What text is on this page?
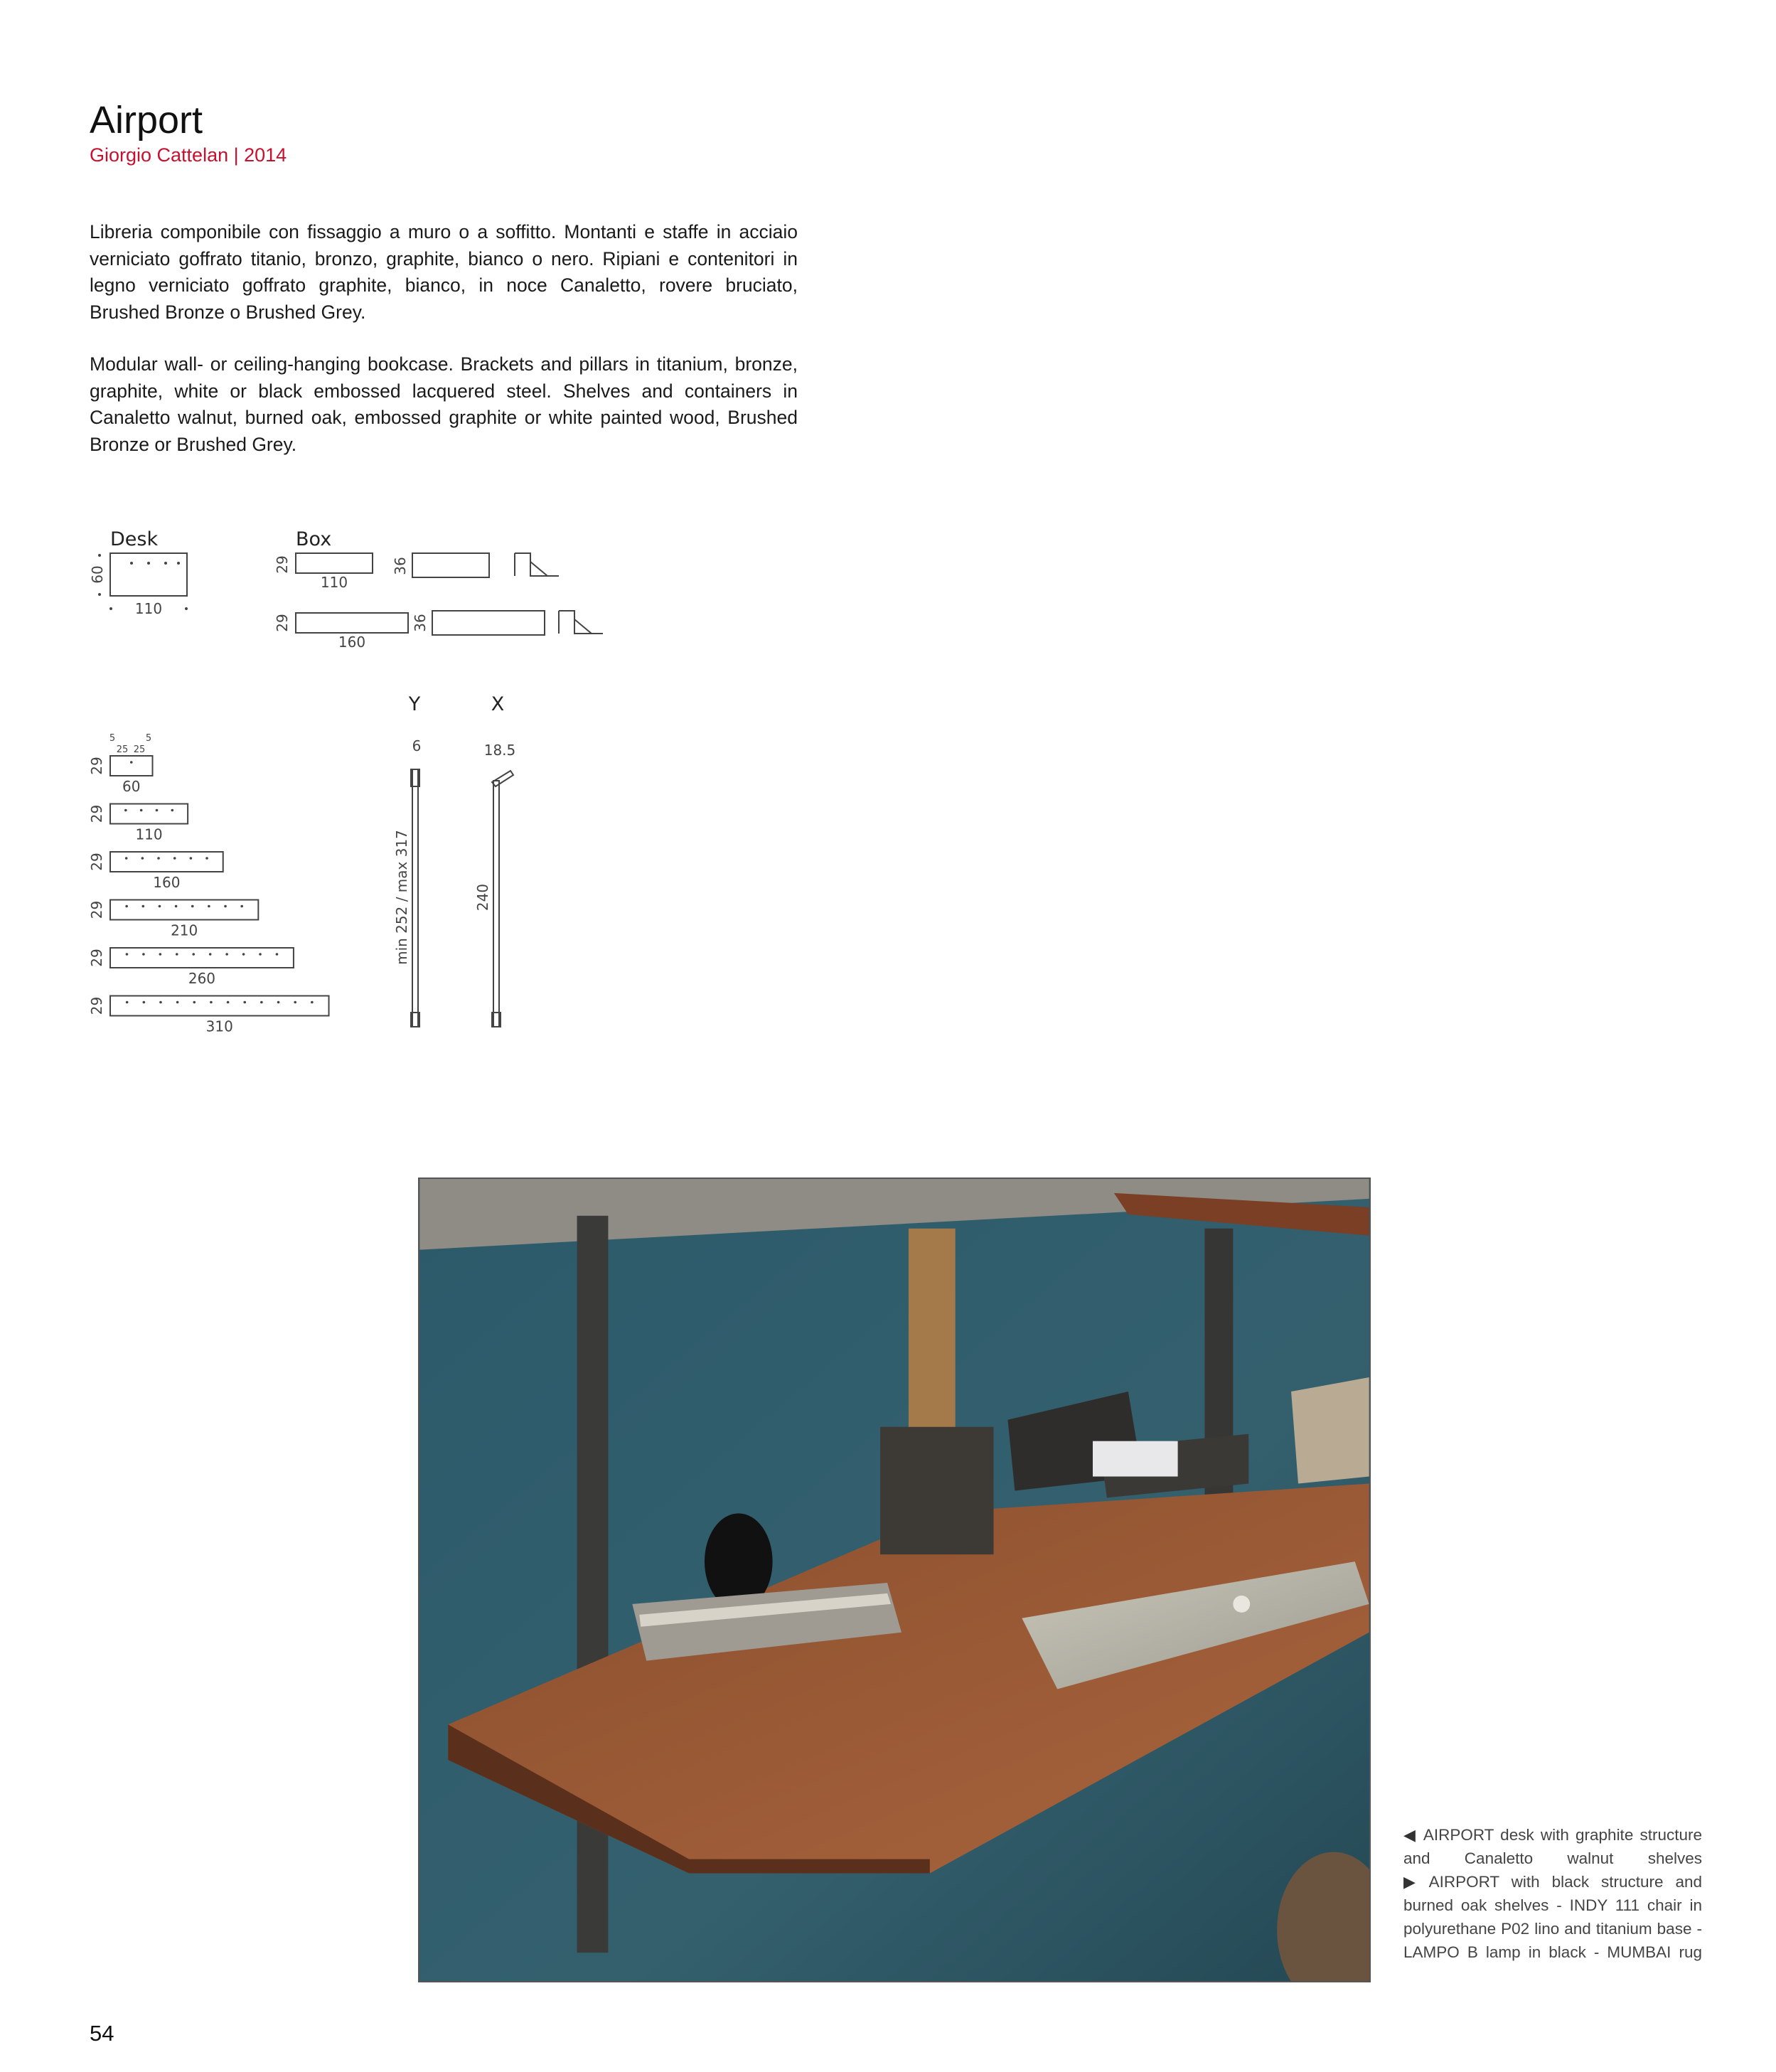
Airport
Giorgio Cattelan | 2014

Libreria componibile con fissaggio a muro o a soffitto. Montanti e staffe in acciaio verniciato goffrato titanio, bronzo, graphite, bianco o nero. Ripiani e contenitori in legno verniciato goffrato graphite, bianco, in noce Canaletto, rovere bruciato, Brushed Bronze o Brushed Grey.

Modular wall- or ceiling-hanging bookcase. Brackets and pillars in titanium, bronze, graphite, white or black embossed lacquered steel. Shelves and containers in Canaletto walnut, burned oak, embossed graphite or white painted wood, Brushed Bronze or Brushed Grey.

Desk
60
110
Box
29
110
36
29
160
36
5
25 25
5
29
60
29
110
29
160
29
210
29
260
29
310
Y
6
min 252 / max 317
X
18.5
240
◀ AIRPORT desk with graphite structure and Canaletto walnut shelves
▶ AIRPORT with black structure and burned oak shelves - INDY 111 chair in polyurethane P02 lino and titanium base - LAMPO B lamp in black - MUMBAI rug
54
